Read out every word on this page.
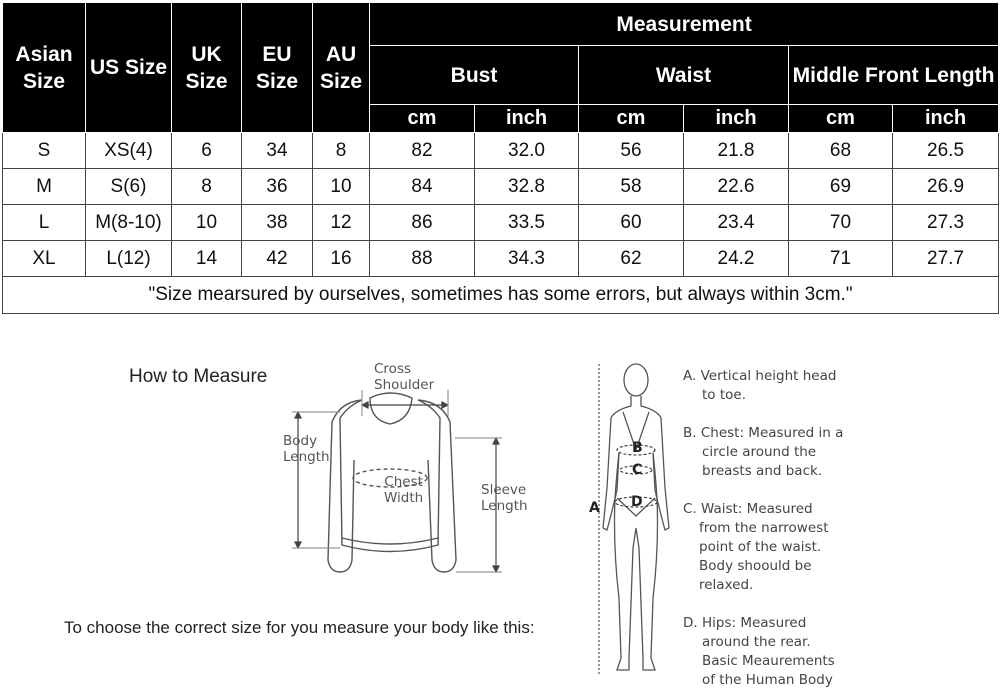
Asian Size	US Size	UK Size	EU Size	AU Size	Measurement					
					Bust		Waist		Middle Front Length	
					cm	inch	cm	inch	cm	inch
S	XS(4)	6	34	8	82	32.0	56	21.8	68	26.5
M	S(6)	8	36	10	84	32.8	58	22.6	69	26.9
L	M(8-10)	10	38	12	86	33.5	60	23.4	70	27.3
XL	L(12)	14	42	16	88	34.3	62	24.2	71	27.7
"Size mearsured by ourselves, sometimes has some errors, but always within 3cm."										
How to Measure	Cross
Shoulder
Body
Length
Chest
Width	Sleeve
Length
To choose the correct size for you measure your body like this:
A
B
C
D
A. Vertical height head
to toe.
B. Chest: Measured in a
circle around the
breasts and back.
C. Waist: Measured
from the narrowest
point of the waist.
Body shoould be
relaxed.
D. Hips: Measured
around the rear.
Basic Meaurements
of the Human Body
